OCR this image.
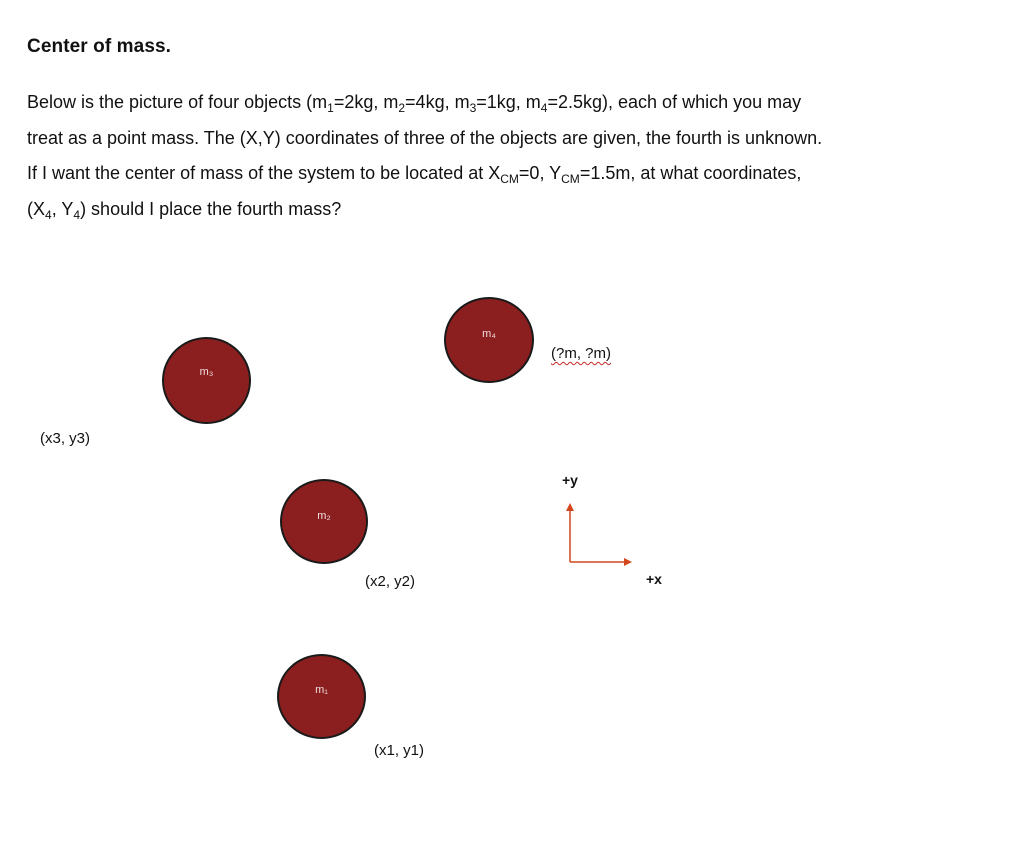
Center of mass.

Below is the picture of four objects ($m_1=2kg$, $m_2=4kg$, $m_3=1kg$, $m_4=2.5kg$), each of which you may

treat as a point mass. The (X,Y) coordinates of three of the objects are given, the fourth is unknown.

If I want the center of mass of the system to be located at $X_{CM}=0$, $Y_{CM}=1.5m$, at what coordinates,

($X_4$, $Y_4$) should I place the fourth mass?

m₄
(?m, ?m)
m₃
(x3, y3)
m₂
(x2, y2)
m₁
(x1, y1)
+y
+x
